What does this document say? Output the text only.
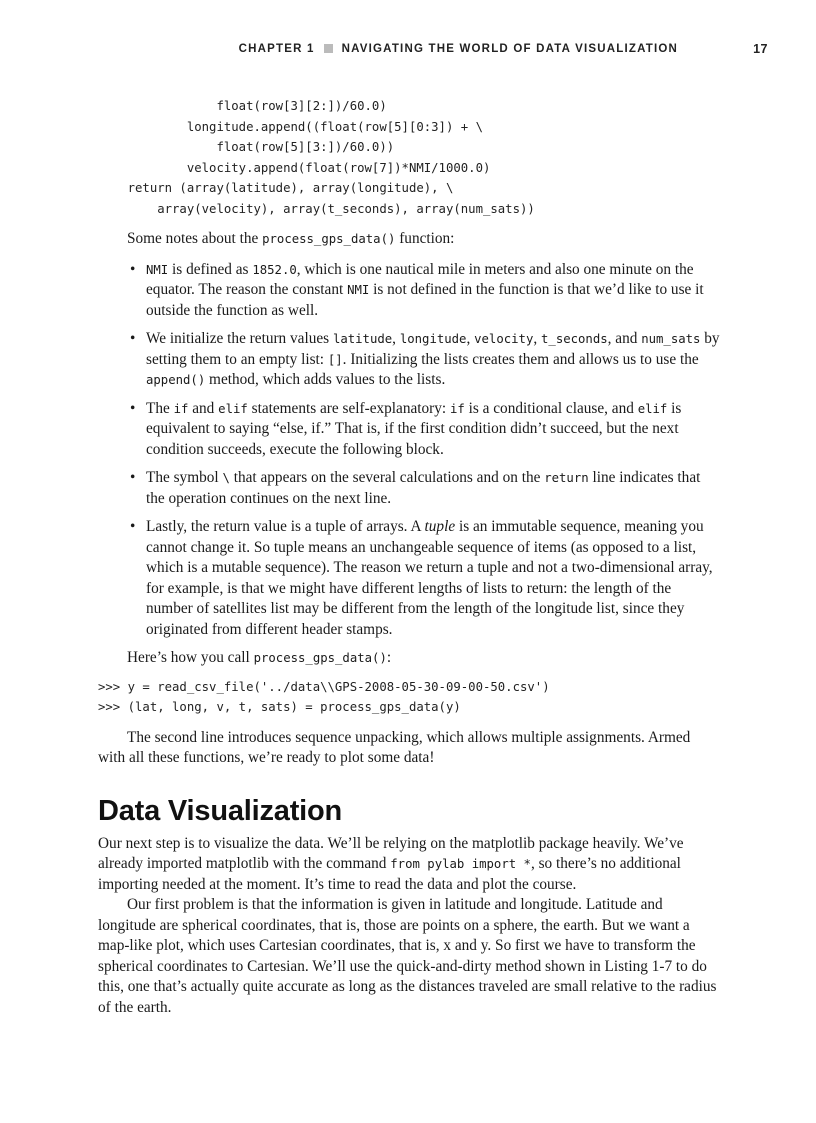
CHAPTER 1 NAVIGATING THE WORLD OF DATA VISUALIZATION	17
float(row[3][2:])/60.0)
longitude.append((float(row[5][0:3]) + \
float(row[5][3:])/60.0))
velocity.append(float(row[7])*NMI/1000.0)

return (array(latitude), array(longitude), \
array(velocity), array(t_seconds), array(num_sats))

Some notes about the process_gps_data() function:

• NMI is defined as 1852.0, which is one nautical mile in meters and also one minute on the equator. The reason the constant NMI is not defined in the function is that we’d like to use it outside the function as well.
• We initialize the return values latitude, longitude, velocity, t_seconds, and num_sats by setting them to an empty list: []. Initializing the lists creates them and allows us to use the append() method, which adds values to the lists.
• The if and elif statements are self-explanatory: if is a conditional clause, and elif is equivalent to saying “else, if.” That is, if the first condition didn’t succeed, but the next condition succeeds, execute the following block.
• The symbol \ that appears on the several calculations and on the return line indicates that the operation continues on the next line.
• Lastly, the return value is a tuple of arrays. A tuple is an immutable sequence, meaning you cannot change it. So tuple means an unchangeable sequence of items (as opposed to a list, which is a mutable sequence). The reason we return a tuple and not a two-dimensional array, for example, is that we might have different lengths of lists to return: the length of the number of satellites list may be different from the length of the longitude list, since they originated from different header stamps.

Here’s how you call process_gps_data():

>>> y = read_csv_file('../data\\GPS-2008-05-30-09-00-50.csv')
>>> (lat, long, v, t, sats) = process_gps_data(y)

The second line introduces sequence unpacking, which allows multiple assignments. Armed with all these functions, we’re ready to plot some data!

Data Visualization

Our next step is to visualize the data. We’ll be relying on the matplotlib package heavily. We’ve already imported matplotlib with the command from pylab import *, so there’s no additional importing needed at the moment. It’s time to read the data and plot the course.

Our first problem is that the information is given in latitude and longitude. Latitude and longitude are spherical coordinates, that is, those are points on a sphere, the earth. But we want a map-like plot, which uses Cartesian coordinates, that is, x and y. So first we have to transform the spherical coordinates to Cartesian. We’ll use the quick-and-dirty method shown in Listing 1-7 to do this, one that’s actually quite accurate as long as the distances traveled are small relative to the radius of the earth.
